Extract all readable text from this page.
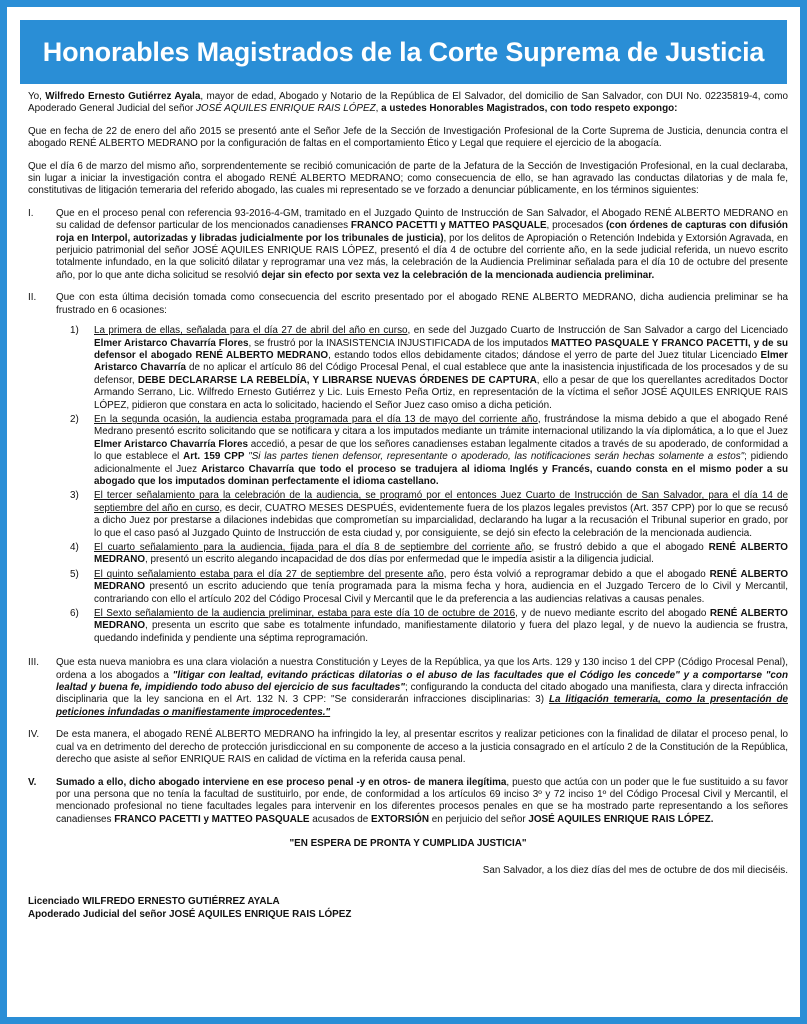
Honorables Magistrados de la Corte Suprema de Justicia

Yo, Wilfredo Ernesto Gutiérrez Ayala, mayor de edad, Abogado y Notario de la República de El Salvador, del domicilio de San Salvador, con DUI No. 02235819-4, como Apoderado General Judicial del señor JOSÉ AQUILES ENRIQUE RAIS LÓPEZ, a ustedes Honorables Magistrados, con todo respeto expongo:

Que en fecha de 22 de enero del año 2015 se presentó ante el Señor Jefe de la Sección de Investigación Profesional de la Corte Suprema de Justicia, denuncia contra el abogado RENÉ ALBERTO MEDRANO por la configuración de faltas en el comportamiento Ético y Legal que requiere el ejercicio de la abogacía.

Que el día 6 de marzo del mismo año, sorprendentemente se recibió comunicación de parte de la Jefatura de la Sección de Investigación Profesional, en la cual declaraba, sin lugar a iniciar la investigación contra el abogado RENÉ ALBERTO MEDRANO; como consecuencia de ello, se han agravado las conductas dilatorias y de mala fe, constitutivas de litigación temeraria del referido abogado, las cuales mi representado se ve forzado a denunciar públicamente, en los términos siguientes:

I.	Que en el proceso penal con referencia 93-2016-4-GM, tramitado en el Juzgado Quinto de Instrucción de San Salvador, el Abogado RENÉ ALBERTO MEDRANO en su calidad de defensor particular de los mencionados canadienses FRANCO PACETTI y MATTEO PASQUALE, procesados (con órdenes de capturas con difusión roja en Interpol, autorizadas y libradas judicialmente por los tribunales de justicia), por los delitos de Apropiación o Retención Indebida y Extorsión Agravada, en perjuicio patrimonial del señor JOSÉ AQUILES ENRIQUE RAIS LÓPEZ, presentó el día 4 de octubre del corriente año, en la sede judicial referida, un nuevo escrito totalmente infundado, en la que solicitó dilatar y reprogramar una vez más, la celebración de la Audiencia Preliminar señalada para el día 10 de octubre del presente año, por lo que ante dicha solicitud se resolvió dejar sin efecto por sexta vez la celebración de la mencionada audiencia preliminar.
II.	Que con esta última decisión tomada como consecuencia del escrito presentado por el abogado RENE ALBERTO MEDRANO, dicha audiencia preliminar se ha frustrado en 6 ocasiones:
1)	La primera de ellas, señalada para el día 27 de abril del año en curso, en sede del Juzgado Cuarto de Instrucción de San Salvador a cargo del Licenciado Elmer Aristarco Chavarría Flores, se frustró por la INASISTENCIA INJUSTIFICADA de los imputados MATTEO PASQUALE Y FRANCO PACETTI, y de su defensor el abogado RENÉ ALBERTO MEDRANO, estando todos ellos debidamente citados; dándose el yerro de parte del Juez titular Licenciado Elmer Aristarco Chavarría de no aplicar el artículo 86 del Código Procesal Penal, el cual establece que ante la inasistencia injustificada de los procesados y de su defensor, DEBE DECLARARSE LA REBELDÍA, Y LIBRARSE NUEVAS ÓRDENES DE CAPTURA, ello a pesar de que los querellantes acreditados Doctor Armando Serrano, Lic. Wilfredo Ernesto Gutiérrez y Lic. Luis Ernesto Peña Ortiz, en representación de la víctima el señor JOSÉ AQUILES ENRIQUE RAIS LÓPEZ, pidieron que constara en acta lo solicitado, haciendo el Señor Juez caso omiso a dicha petición.
2)	En la segunda ocasión, la audiencia estaba programada para el día 13 de mayo del corriente año, frustrándose la misma debido a que el abogado René Medrano presentó escrito solicitando que se notificara y citara a los imputados mediante un trámite internacional utilizando la vía diplomática, a lo que el Juez Elmer Aristarco Chavarría Flores accedió, a pesar de que los señores canadienses estaban legalmente citados a través de su apoderado, de conformidad a lo que establece el Art. 159 CPP "Si las partes tienen defensor, representante o apoderado, las notificaciones serán hechas solamente a estos"; pidiendo adicionalmente el Juez Aristarco Chavarría que todo el proceso se tradujera al idioma Inglés y Francés, cuando consta en el mismo poder a su abogado que los imputados dominan perfectamente el idioma castellano.
3)	El tercer señalamiento para la celebración de la audiencia, se programó por el entonces Juez Cuarto de Instrucción de San Salvador, para el día 14 de septiembre del año en curso, es decir, CUATRO MESES DESPUÉS, evidentemente fuera de los plazos legales previstos (Art. 357 CPP) por lo que se recusó a dicho Juez por prestarse a dilaciones indebidas que comprometían su imparcialidad, declarando ha lugar a la recusación el Tribunal superior en grado, por lo que el caso pasó al Juzgado Quinto de Instrucción de esta ciudad y, por consiguiente, se dejó sin efecto la celebración de la mencionada audiencia.
4)	El cuarto señalamiento para la audiencia, fijada para el día 8 de septiembre del corriente año, se frustró debido a que el abogado RENÉ ALBERTO MEDRANO, presentó un escrito alegando incapacidad de dos días por enfermedad que le impedía asistir a la diligencia judicial.
5)	El quinto señalamiento estaba para el día 27 de septiembre del presente año, pero ésta volvió a reprogramar debido a que el abogado RENÉ ALBERTO MEDRANO presentó un escrito aduciendo que tenía programada para la misma fecha y hora, audiencia en el Juzgado Tercero de lo Civil y Mercantil, contrariando con ello el artículo 202 del Código Procesal Civil y Mercantil que le da preferencia a las audiencias relativas a causas penales.
6)	El Sexto señalamiento de la audiencia preliminar, estaba para este día 10 de octubre de 2016, y de nuevo mediante escrito del abogado RENÉ ALBERTO MEDRANO, presenta un escrito que sabe es totalmente infundado, manifiestamente dilatorio y fuera del plazo legal, y de nuevo la audiencia se frustra, quedando indefinida y pendiente una séptima reprogramación.
III.	Que esta nueva maniobra es una clara violación a nuestra Constitución y Leyes de la República, ya que los Arts. 129 y 130 inciso 1 del CPP (Código Procesal Penal), ordena a los abogados a "litigar con lealtad, evitando prácticas dilatorias o el abuso de las facultades que el Código les concede" y a comportarse "con lealtad y buena fe, impidiendo todo abuso del ejercicio de sus facultades"; configurando la conducta del citado abogado una manifiesta, clara y directa infracción disciplinaria que la ley sanciona en el Art. 132 N. 3 CPP: "Se considerarán infracciones disciplinarias: 3) La litigación temeraria, como la presentación de peticiones infundadas o manifiestamente improcedentes."
IV.	De esta manera, el abogado RENÉ ALBERTO MEDRANO ha infringido la ley, al presentar escritos y realizar peticiones con la finalidad de dilatar el proceso penal, lo cual va en detrimento del derecho de protección jurisdiccional en su componente de acceso a la justicia consagrado en el artículo 2 de la Constitución de la República, derecho que asiste al señor ENRIQUE RAIS en calidad de víctima en la referida causa penal.
V.	Sumado a ello, dicho abogado interviene en ese proceso penal -y en otros- de manera ilegítima, puesto que actúa con un poder que le fue sustituido a su favor por una persona que no tenía la facultad de sustituirlo, por ende, de conformidad a los artículos 69 inciso 3º y 72 inciso 1º del Código Procesal Civil y Mercantil, el mencionado profesional no tiene facultades legales para intervenir en los diferentes procesos penales en que se ha mostrado parte representando a los señores canadienses FRANCO PACETTI y MATTEO PASQUALE acusados de EXTORSIÓN en perjuicio del señor JOSÉ AQUILES ENRIQUE RAIS LÓPEZ.
"EN ESPERA DE PRONTA Y CUMPLIDA JUSTICIA"
San Salvador, a los diez días del mes de octubre de dos mil dieciséis.
Licenciado WILFREDO ERNESTO GUTIÉRREZ AYALA
Apoderado Judicial del señor JOSÉ AQUILES ENRIQUE RAIS LÓPEZ
